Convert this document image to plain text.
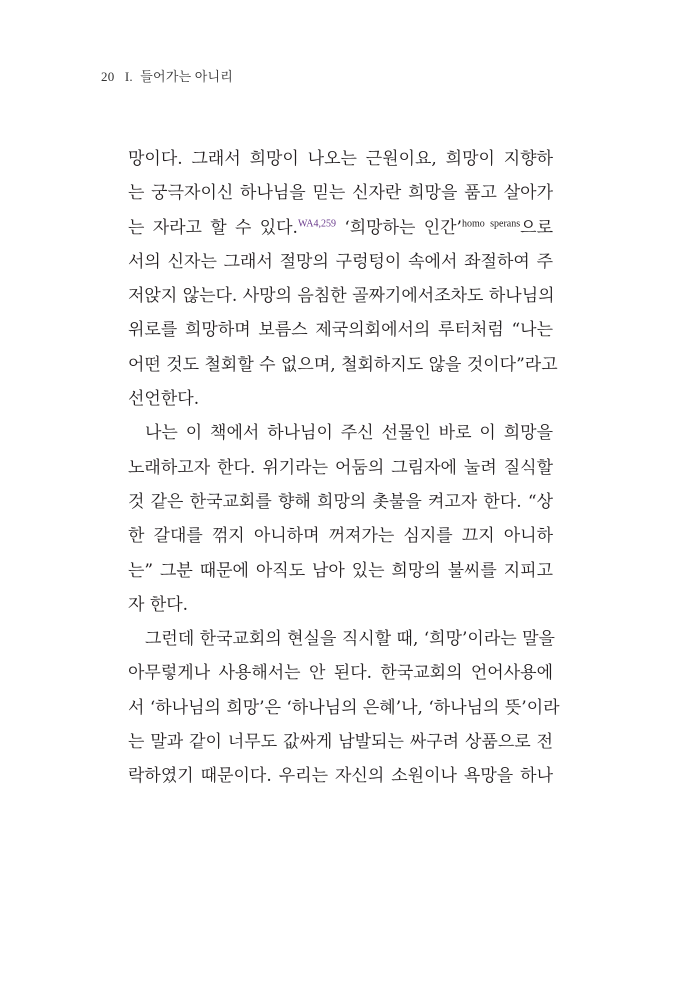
20 I. 들어가는 아니리
망이다. 그래서 희망이 나오는 근원이요, 희망이 지향하
는 궁극자이신 하나님을 믿는 신자란 희망을 품고 살아가
는 자라고 할 수 있다.$^{WA4,259}$ ‘희망하는 인간’$^{homo sperans}$으로
서의 신자는 그래서 절망의 구렁텅이 속에서 좌절하여 주
저앉지 않는다. 사망의 음침한 골짜기에서조차도 하나님의
위로를 희망하며 보름스 제국의회에서의 루터처럼 “나는
어떤 것도 철회할 수 없으며, 철회하지도 않을 것이다”라고
선언한다.
나는 이 책에서 하나님이 주신 선물인 바로 이 희망을
노래하고자 한다. 위기라는 어둠의 그림자에 눌려 질식할
것 같은 한국교회를 향해 희망의 촛불을 켜고자 한다. “상
한 갈대를 꺾지 아니하며 꺼져가는 심지를 끄지 아니하
는” 그분 때문에 아직도 남아 있는 희망의 불씨를 지피고
자 한다.
그런데 한국교회의 현실을 직시할 때, ‘희망’이라는 말을
아무렇게나 사용해서는 안 된다. 한국교회의 언어사용에
서 ‘하나님의 희망’은 ‘하나님의 은혜’나, ‘하나님의 뜻’이라
는 말과 같이 너무도 값싸게 남발되는 싸구려 상품으로 전
락하였기 때문이다. 우리는 자신의 소원이나 욕망을 하나
